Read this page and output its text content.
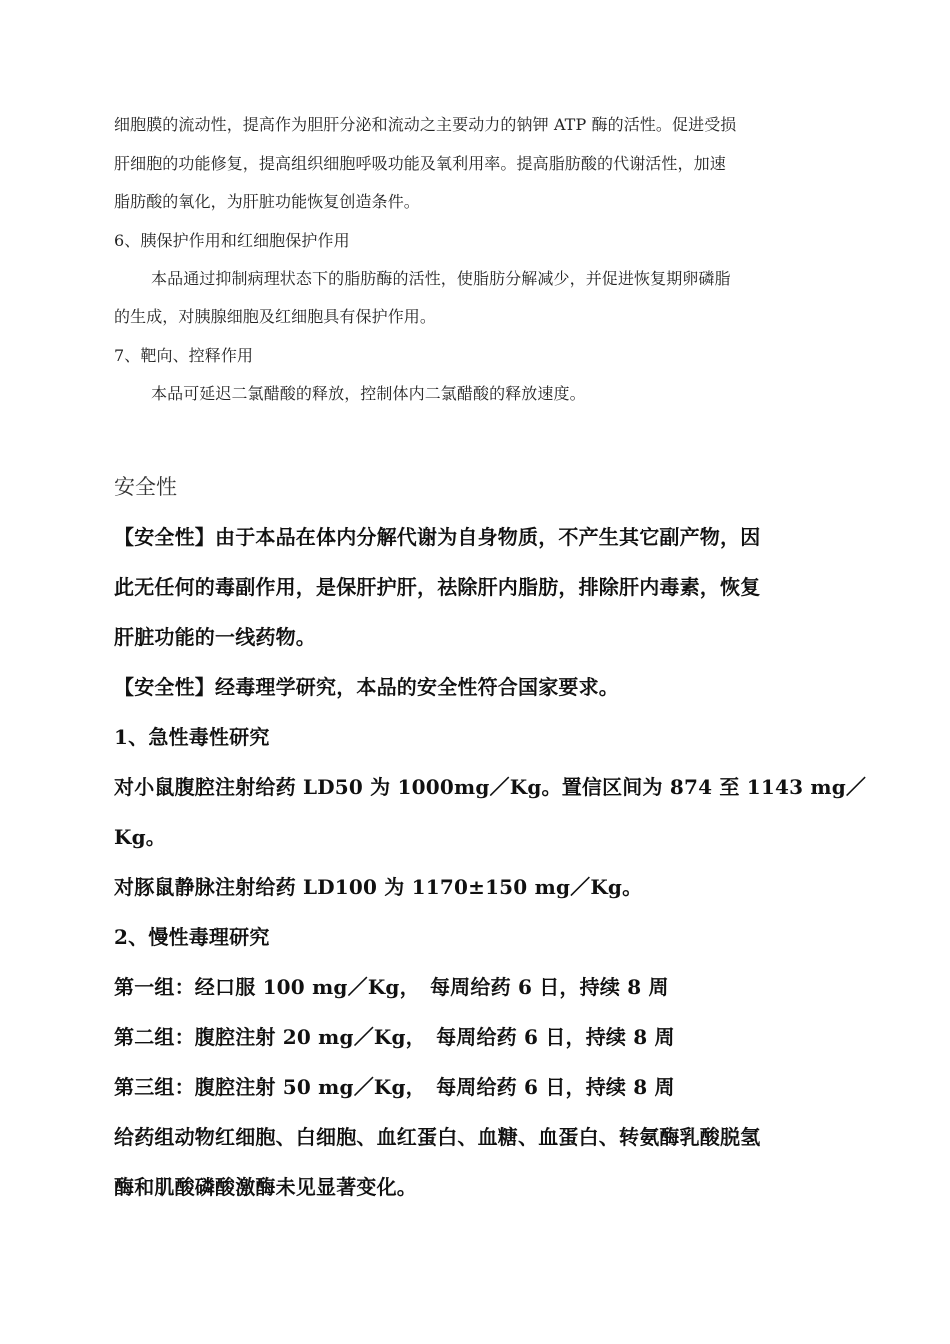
细胞膜的流动性，提高作为胆肝分泌和流动之主要动力的钠钾 ATP 酶的活性。促进受损
肝细胞的功能修复，提高组织细胞呼吸功能及氧利用率。提高脂肪酸的代谢活性，加速
脂肪酸的氧化，为肝脏功能恢复创造条件。
6、胰保护作用和红细胞保护作用
本品通过抑制病理状态下的脂肪酶的活性，使脂肪分解减少，并促进恢复期卵磷脂
的生成，对胰腺细胞及红细胞具有保护作用。
7、靶向、控释作用
本品可延迟二氯醋酸的释放，控制体内二氯醋酸的释放速度。
安全性
【安全性】由于本品在体内分解代谢为自身物质，不产生其它副产物，因
此无任何的毒副作用，是保肝护肝，祛除肝内脂肪，排除肝内毒素，恢复
肝脏功能的一线药物。
【安全性】经毒理学研究，本品的安全性符合国家要求。
1、急性毒性研究
对小鼠腹腔注射给药 LD50 为 1000mg／Kg。置信区间为 874 至 1143 mg／
Kg。
对豚鼠静脉注射给药 LD100 为 1170±150 mg／Kg。
2、慢性毒理研究
第一组：经口服 100 mg／Kg，　每周给药 6 日，持续 8 周
第二组：腹腔注射 20 mg／Kg，　每周给药 6 日，持续 8 周
第三组：腹腔注射 50 mg／Kg，　每周给药 6 日，持续 8 周
给药组动物红细胞、白细胞、血红蛋白、血糖、血蛋白、转氨酶乳酸脱氢
酶和肌酸磷酸激酶未见显著变化。
